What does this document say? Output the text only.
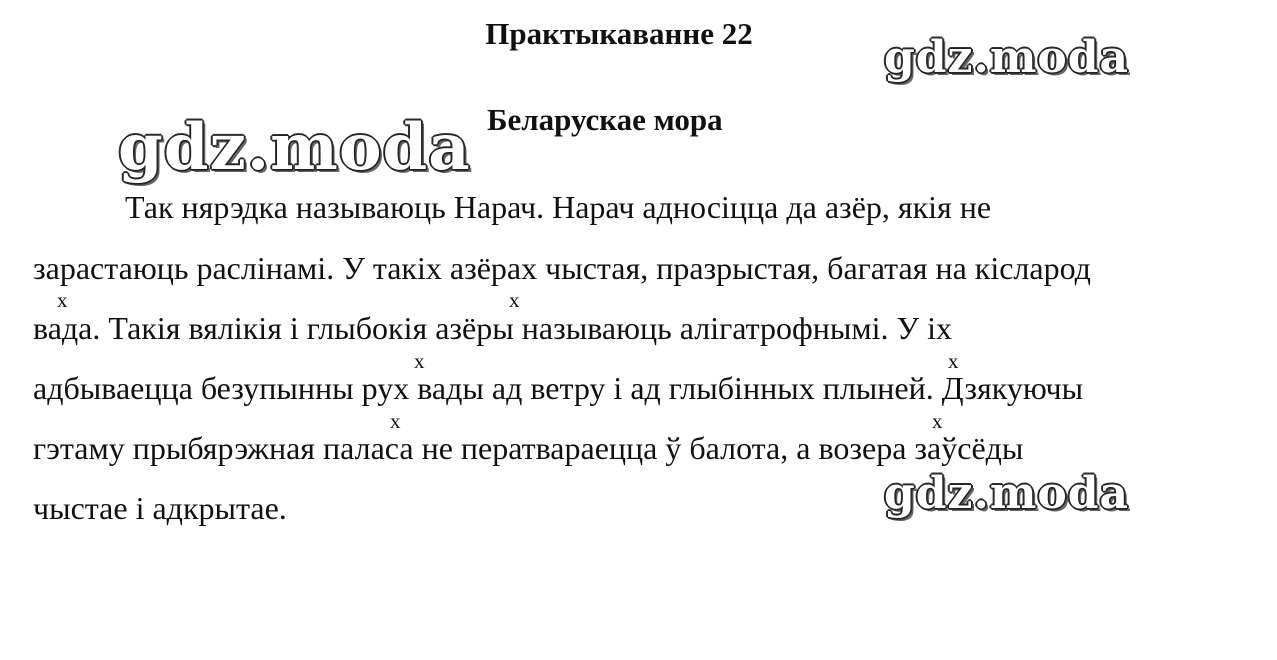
gdz.moda
gdz.moda
gdz.moda
Практыкаванне 22
Беларускае мора
Так нярэдка называюць Нарач. Нарач адносіцца да азёр, якія не
зарастаюць раслінамі. У такіх азёрах чыстая, празрыстая, багатая на кісларод
вада. Такія вялікія і глыбокія азёры называюць алігатрофнымі. У іх
адбываецца безупынны рух вады ад ветру і ад глыбінных плыней. Дзякуючы
гэтаму прыбярэжная паласа не ператвараецца ў балота, а возера заўсёды
чыстае і адкрытае.
x	x
x	x
x	x
